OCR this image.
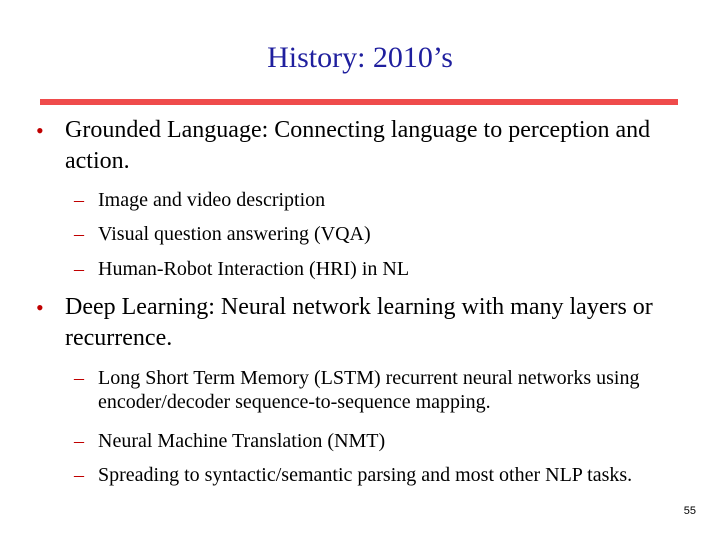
History: 2010’s
• Grounded Language: Connecting language to perception and action.
– Image and video description
– Visual question answering (VQA)
– Human-Robot Interaction (HRI) in NL
• Deep Learning: Neural network learning with many layers or recurrence.
– Long Short Term Memory (LSTM) recurrent neural networks using encoder/decoder sequence-to-sequence mapping.
– Neural Machine Translation (NMT)
– Spreading to syntactic/semantic parsing and most other NLP tasks.
55
